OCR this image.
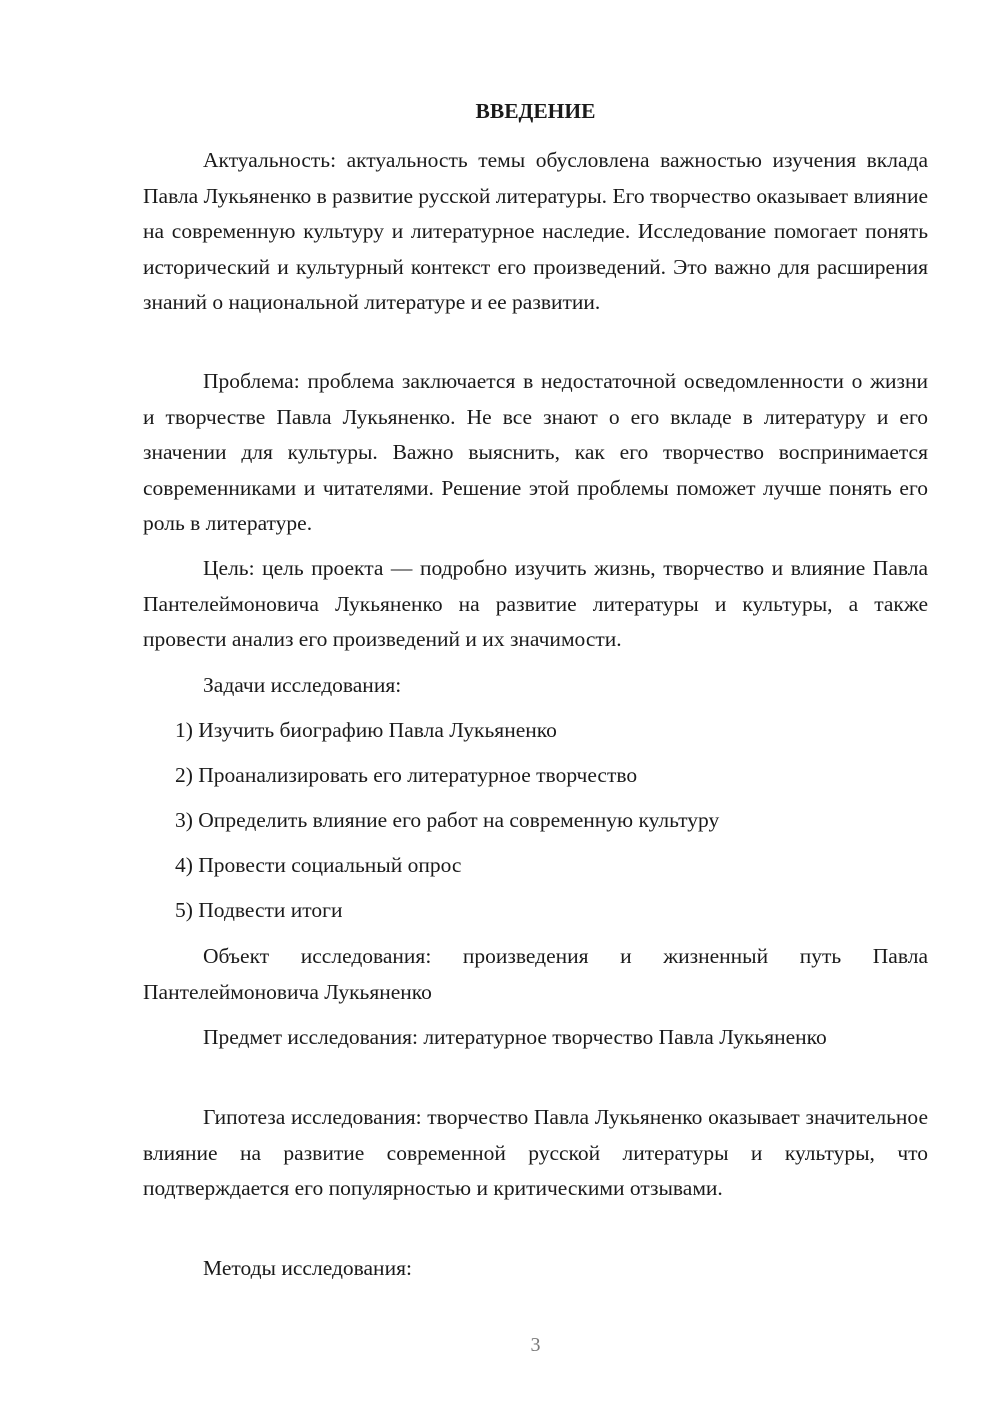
ВВЕДЕНИЕ

Актуальность: актуальность темы обусловлена важностью изучения вклада Павла Лукьяненко в развитие русской литературы. Его творчество оказывает влияние на современную культуру и литературное наследие. Исследование помогает понять исторический и культурный контекст его произведений. Это важно для расширения знаний о национальной литературе и ее развитии.

Проблема: проблема заключается в недостаточной осведомленности о жизни и творчестве Павла Лукьяненко. Не все знают о его вкладе в литературу и его значении для культуры. Важно выяснить, как его творчество воспринимается современниками и читателями. Решение этой проблемы поможет лучше понять его роль в литературе.

Цель: цель проекта — подробно изучить жизнь, творчество и влияние Павла Пантелеймоновича Лукьяненко на развитие литературы и культуры, а также провести анализ его произведений и их значимости.

Задачи исследования:

1) Изучить биографию Павла Лукьяненко

2) Проанализировать его литературное творчество

3) Определить влияние его работ на современную культуру

4) Провести социальный опрос

5) Подвести итоги

Объект исследования: произведения и жизненный путь Павла Пантелеймоновича Лукьяненко

Предмет исследования: литературное творчество Павла Лукьяненко

Гипотеза исследования: творчество Павла Лукьяненко оказывает значительное влияние на развитие современной русской литературы и культуры, что подтверждается его популярностью и критическими отзывами.

Методы исследования:

3
